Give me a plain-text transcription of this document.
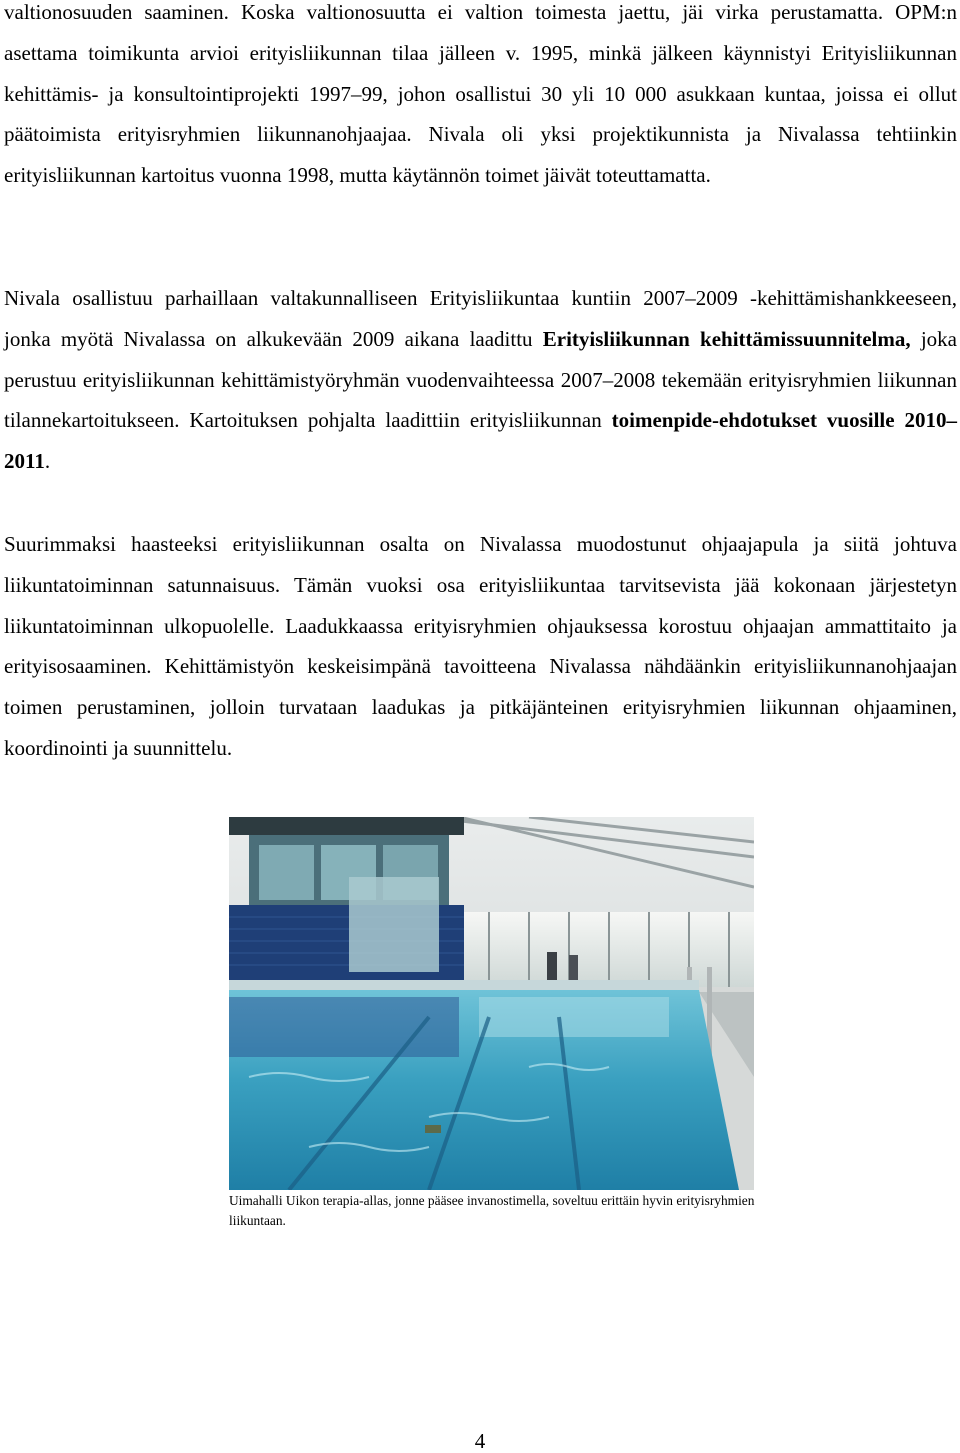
valtionosuuden saaminen. Koska valtionosuutta ei valtion toimesta jaettu, jäi virka perustamatta. OPM:n asettama toimikunta arvioi erityisliikunnan tilaa jälleen v. 1995, minkä jälkeen käynnistyi Erityisliikunnan kehittämis- ja konsultointiprojekti 1997–99, johon osallistui 30 yli 10 000 asukkaan kuntaa, joissa ei ollut päätoimista erityisryhmien liikunnanohjaajaa. Nivala oli yksi projektikunnista ja Nivalassa tehtiinkin erityisliikunnan kartoitus vuonna 1998, mutta käytännön toimet jäivät toteuttamatta.

Nivala osallistuu parhaillaan valtakunnalliseen Erityisliikuntaa kuntiin 2007–2009 -kehittämishankkeeseen, jonka myötä Nivalassa on alkukevään 2009 aikana laadittu Erityisliikunnan kehittämissuunnitelma, joka perustuu erityisliikunnan kehittämistyöryhmän vuodenvaihteessa 2007–2008 tekemään erityisryhmien liikunnan tilannekartoitukseen. Kartoituksen pohjalta laadittiin erityisliikunnan toimenpide-ehdotukset vuosille 2010–2011.

Suurimmaksi haasteeksi erityisliikunnan osalta on Nivalassa muodostunut ohjaajapula ja siitä johtuva liikuntatoiminnan satunnaisuus. Tämän vuoksi osa erityisliikuntaa tarvitsevista jää kokonaan järjestetyn liikuntatoiminnan ulkopuolelle. Laadukkaassa erityisryhmien ohjauksessa korostuu ohjaajan ammattitaito ja erityisosaaminen. Kehittämistyön keskeisimpänä tavoitteena Nivalassa nähdäänkin erityisliikunnanohjaajan toimen perustaminen, jolloin turvataan laadukas ja pitkäjänteinen erityisryhmien liikunnan ohjaaminen, koordinointi ja suunnittelu.

Uimahalli Uikon terapia-allas, jonne pääsee invanostimella, soveltuu erittäin hyvin erityisryhmien liikuntaan.

4
